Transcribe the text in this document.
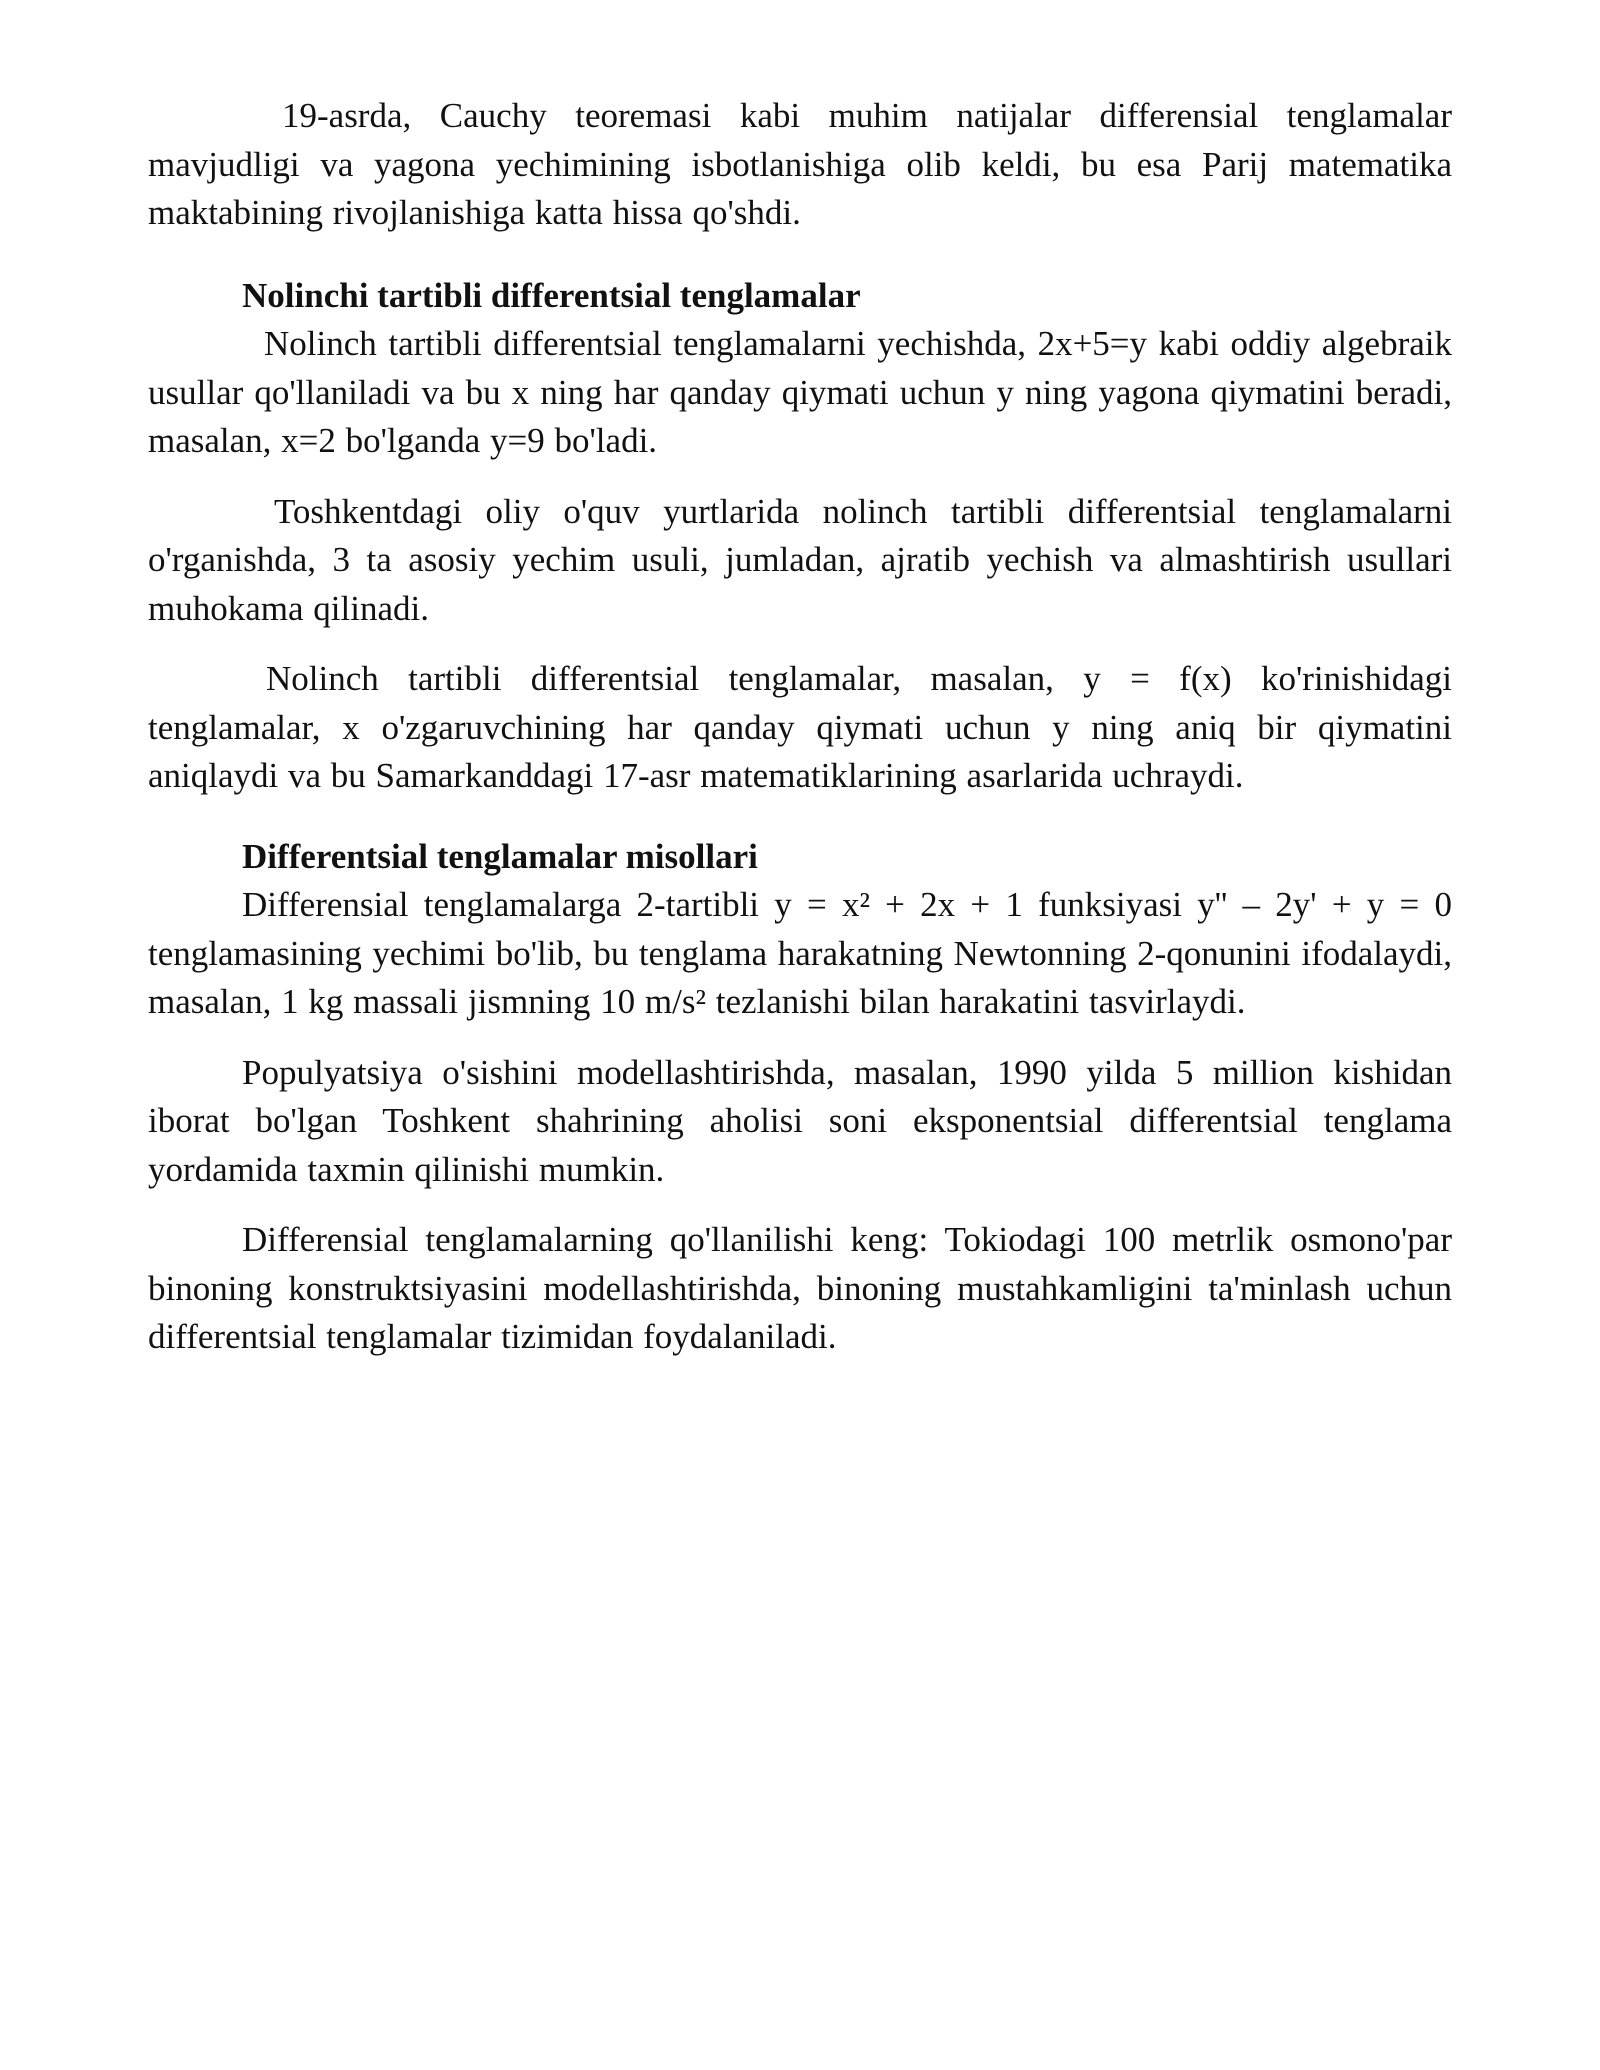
19-asrda, Cauchy teoremasi kabi muhim natijalar differensial tenglamalar mavjudligi va yagona yechimining isbotlanishiga olib keldi, bu esa Parij matematika maktabining rivojlanishiga katta hissa qo'shdi.

Nolinchi tartibli differentsial tenglamalar

Nolinch tartibli differentsial tenglamalarni yechishda, 2x+5=y kabi oddiy algebraik usullar qo'llaniladi va bu x ning har qanday qiymati uchun y ning yagona qiymatini beradi, masalan, x=2 bo'lganda y=9 bo'ladi.

Toshkentdagi oliy o'quv yurtlarida nolinch tartibli differentsial tenglamalarni o'rganishda, 3 ta asosiy yechim usuli, jumladan, ajratib yechish va almashtirish usullari muhokama qilinadi.

Nolinch tartibli differentsial tenglamalar, masalan, y = f(x) ko'rinishidagi tenglamalar, x o'zgaruvchining har qanday qiymati uchun y ning aniq bir qiymatini aniqlaydi va bu Samarkanddagi 17-asr matematiklarining asarlarida uchraydi.

Differentsial tenglamalar misollari

Differensial tenglamalarga 2-tartibli y = x² + 2x + 1 funksiyasi y'' – 2y' + y = 0 tenglamasining yechimi bo'lib, bu tenglama harakatning Newtonning 2-qonunini ifodalaydi, masalan, 1 kg massali jismning 10 m/s² tezlanishi bilan harakatini tasvirlaydi.

Populyatsiya o'sishini modellashtirishda, masalan, 1990 yilda 5 million kishidan iborat bo'lgan Toshkent shahrining aholisi soni eksponentsial differentsial tenglama yordamida taxmin qilinishi mumkin.

Differensial tenglamalarning qo'llanilishi keng: Tokiodagi 100 metrlik osmono'par binoning konstruktsiyasini modellashtirishda, binoning mustahkamligini ta'minlash uchun differentsial tenglamalar tizimidan foydalaniladi.
